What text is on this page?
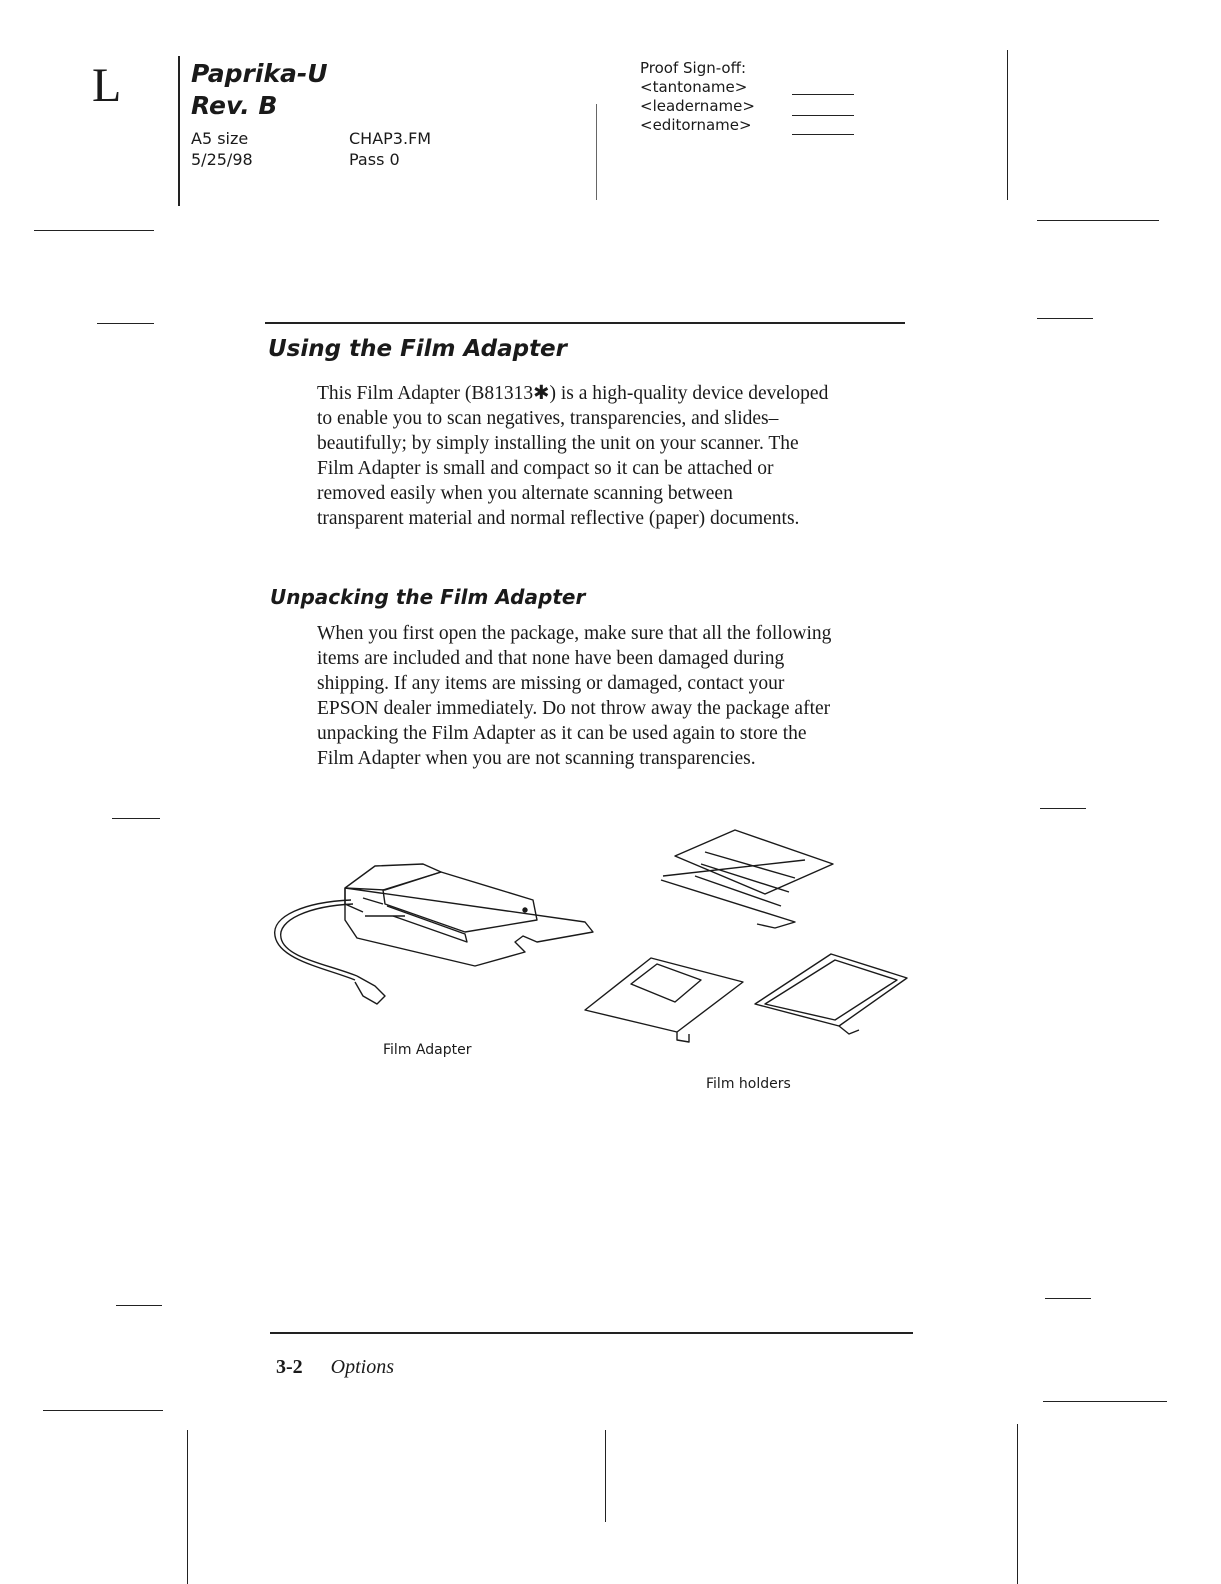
L	Paprika-U
Rev. B
A5 size
5/25/98
CHAP3.FM
Pass 0
Proof Sign-off:
<tantoname>
<leadername>
<editorname>
Using the Film Adapter

This Film Adapter (B81313✱) is a high-quality device developed

to enable you to scan negatives, transparencies, and slides–

beautifully; by simply installing the unit on your scanner. The

Film Adapter is small and compact so it can be attached or

removed easily when you alternate scanning between

transparent material and normal reflective (paper) documents.

Unpacking the Film Adapter

When you first open the package, make sure that all the following

items are included and that none have been damaged during

shipping. If any items are missing or damaged, contact your

EPSON dealer immediately. Do not throw away the package after

unpacking the Film Adapter as it can be used again to store the

Film Adapter when you are not scanning transparencies.

Film Adapter
Film holders
3-2 Options
